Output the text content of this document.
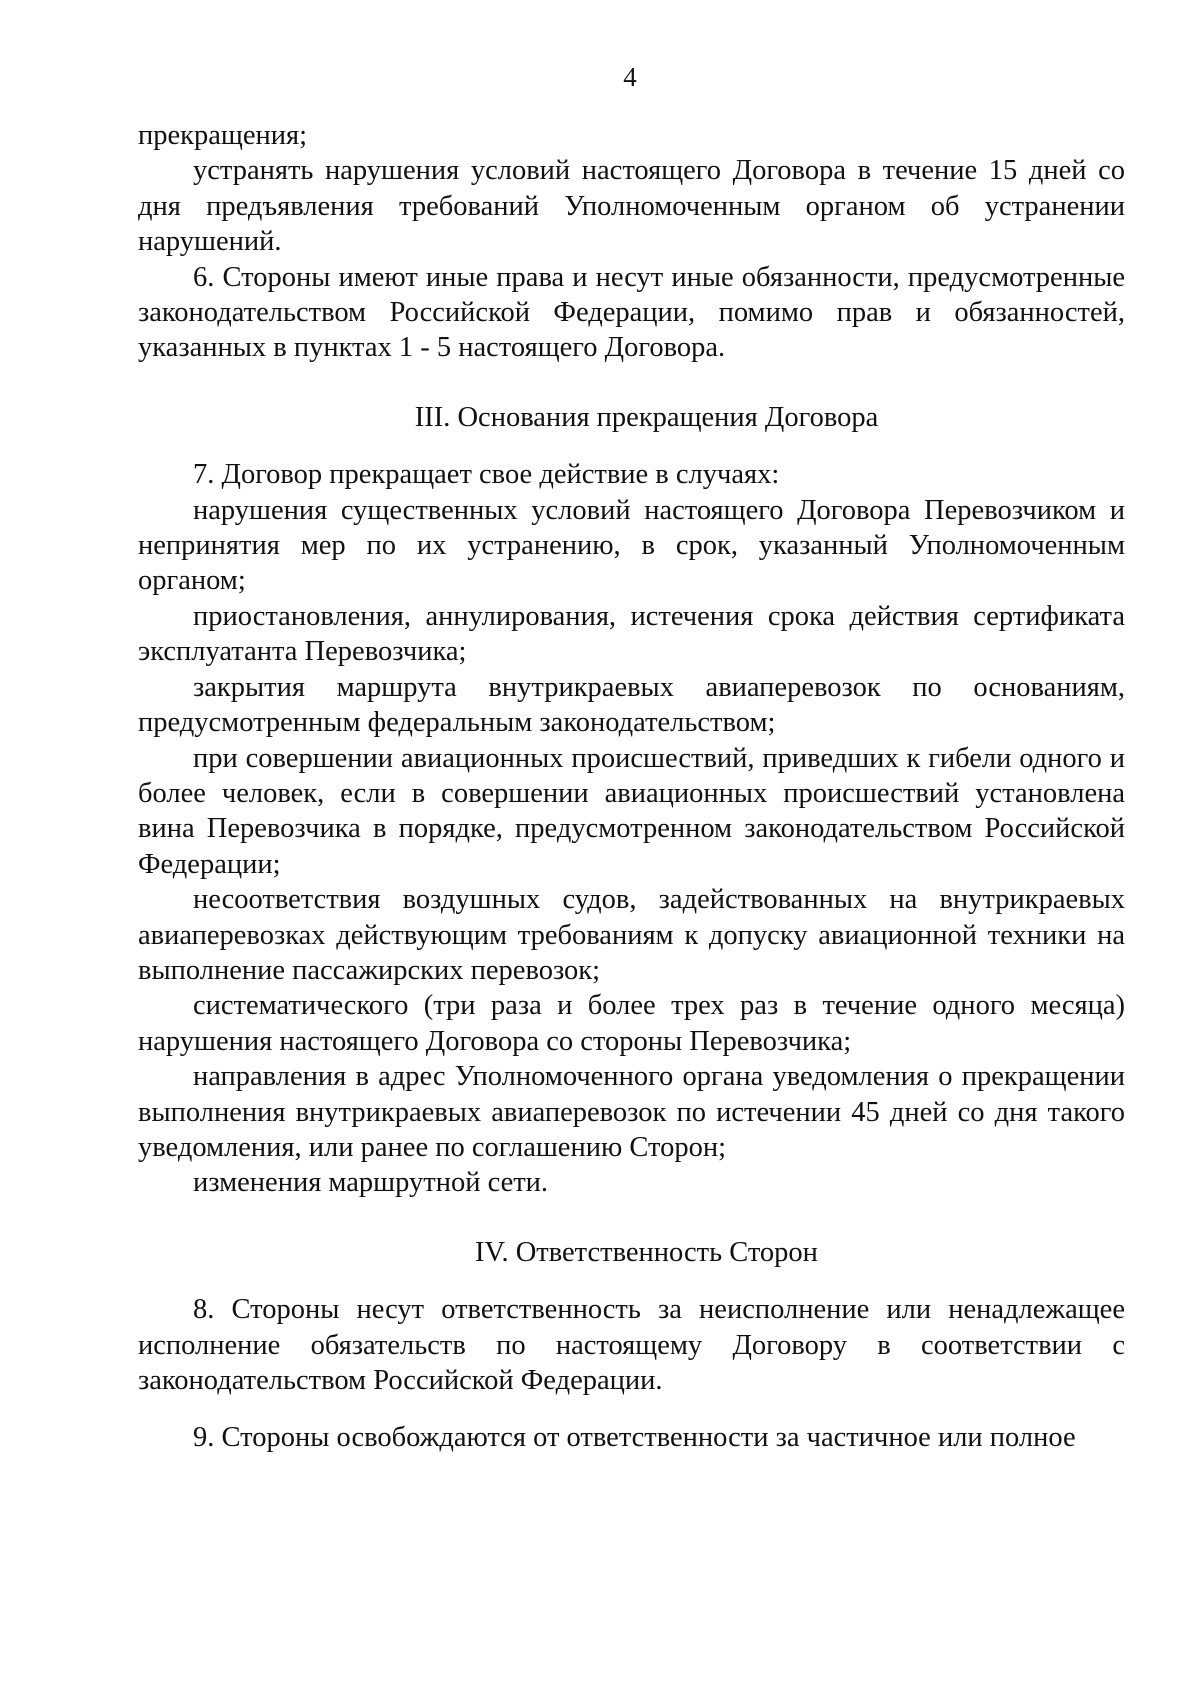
4

прекращения;

устранять нарушения условий настоящего Договора в течение 15 дней со дня предъявления требований Уполномоченным органом об устранении нарушений.

6. Стороны имеют иные права и несут иные обязанности, предусмотренные законодательством Российской Федерации, помимо прав и обязанностей, указанных в пунктах 1 - 5 настоящего Договора.

III. Основания прекращения Договора

7. Договор прекращает свое действие в случаях:

нарушения существенных условий настоящего Договора Перевозчиком и непринятия мер по их устранению, в срок, указанный Уполномоченным органом;

приостановления, аннулирования, истечения срока действия сертификата эксплуатанта Перевозчика;

закрытия маршрута внутрикраевых авиаперевозок по основаниям, предусмотренным федеральным законодательством;

при совершении авиационных происшествий, приведших к гибели одного и более человек, если в совершении авиационных происшествий установлена вина Перевозчика в порядке, предусмотренном законодательством Российской Федерации;

несоответствия воздушных судов, задействованных на внутрикраевых авиаперевозках действующим требованиям к допуску авиационной техники на выполнение пассажирских перевозок;

систематического (три раза и более трех раз в течение одного месяца) нарушения настоящего Договора со стороны Перевозчика;

направления в адрес Уполномоченного органа уведомления о прекращении выполнения внутрикраевых авиаперевозок по истечении 45 дней со дня такого уведомления, или ранее по соглашению Сторон;

изменения маршрутной сети.

IV. Ответственность Сторон

8. Стороны несут ответственность за неисполнение или ненадлежащее исполнение обязательств по настоящему Договору в соответствии с законодательством Российской Федерации.

9. Стороны освобождаются от ответственности за частичное или полное
